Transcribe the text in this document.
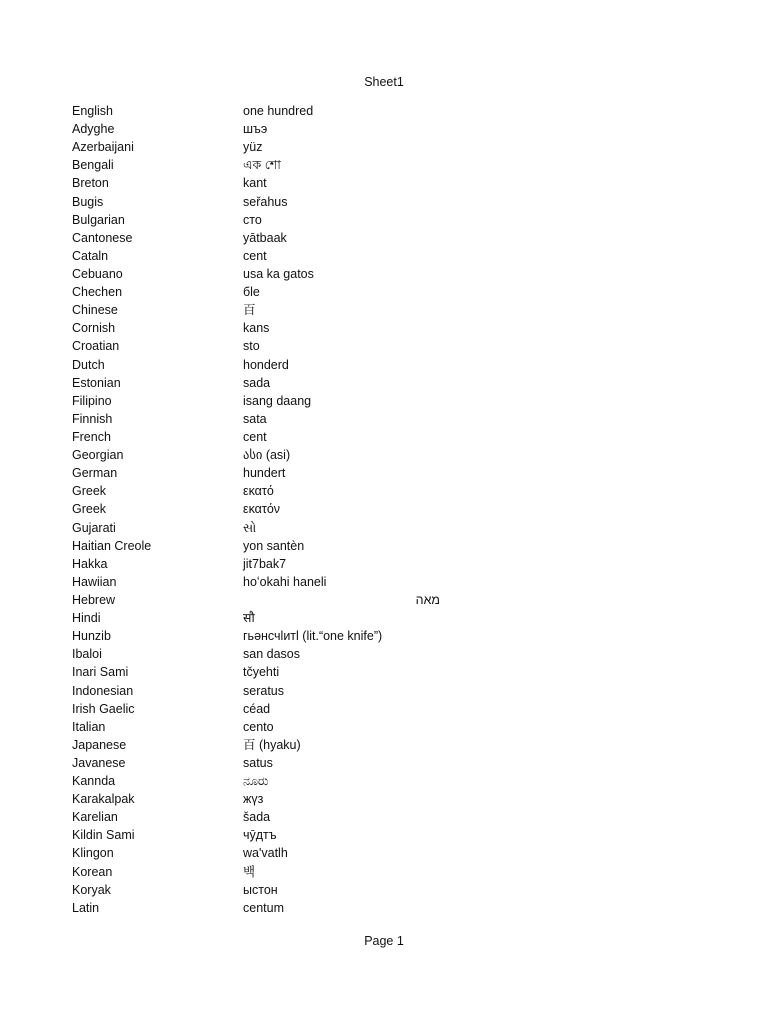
Sheet1
English	one hundred
Adyghe	шъэ
Azerbaijani	yüz
Bengali	এক শো
Breton	kant
Bugis	seřahus
Bulgarian	сто
Cantonese	yātbaak
Cataln	cent
Cebuano	usa ka gatos
Chechen	бle
Chinese	百
Cornish	kans
Croatian	sto
Dutch	honderd
Estonian	sada
Filipino	isang daang
Finnish	sata
French	cent
Georgian	ასი (asi)
German	hundert
Greek	εκατό
Greek	εκατόν
Gujarati	સો
Haitian Creole	yon santèn
Hakka	jit7bak7
Hawiian	hoʻokahi haneli
Hebrew	מאה
Hindi	सौ
Hunzib	гьəнсчlитl (lit.“one knife”)
Ibaloi	san dasos
Inari Sami	tčyehti
Indonesian	seratus
Irish Gaelic	céad
Italian	cento
Japanese	百 (hyaku)
Javanese	satus
Kannda	ನೂರು
Karakalpak	жүз
Karelian	šada
Kildin Sami	чӯдтъ
Klingon	wa'vatlh
Korean	백
Koryak	ыстон
Latin	centum
Page 1
